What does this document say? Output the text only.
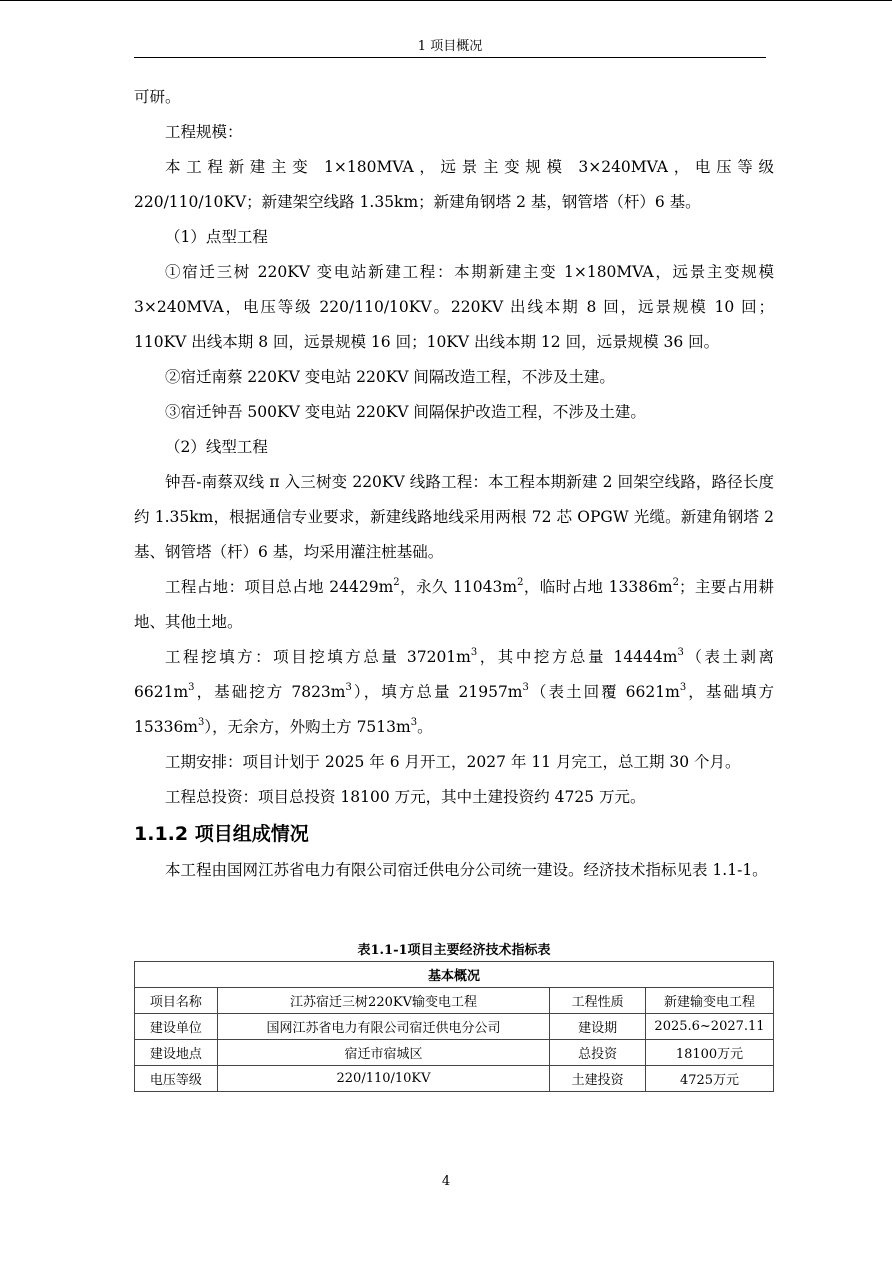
1 项目概况

可研。

工程规模：

本工程新建主变 1×180MVA，远景主变规模 3×240MVA，电压等级220/110/10KV；新建架空线路 1.35km；新建角钢塔 2 基，钢管塔（杆）6 基。

（1）点型工程

①宿迁三树 220KV 变电站新建工程：本期新建主变 1×180MVA，远景主变规模 3×240MVA，电压等级 220/110/10KV。220KV 出线本期 8 回，远景规模 10 回；110KV 出线本期 8 回，远景规模 16 回；10KV 出线本期 12 回，远景规模 36 回。

②宿迁南蔡 220KV 变电站 220KV 间隔改造工程，不涉及土建。

③宿迁钟吾 500KV 变电站 220KV 间隔保护改造工程，不涉及土建。

（2）线型工程

钟吾-南蔡双线 π 入三树变 220KV 线路工程：本工程本期新建 2 回架空线路，路径长度约 1.35km，根据通信专业要求，新建线路地线采用两根 72 芯 OPGW 光缆。新建角钢塔 2 基、钢管塔（杆）6 基，均采用灌注桩基础。

工程占地：项目总占地 $24429m^2$，永久 $11043m^2$，临时占地 $13386m^2$；主要占用耕地、其他土地。

工程挖填方：项目挖填方总量 $37201m^3$，其中挖方总量 $14444m^3$（表土剥离 $6621m^3$，基础挖方 $7823m^3$），填方总量 $21957m^3$（表土回覆 $6621m^3$，基础填方 $15336m^3$），无余方，外购土方 $7513m^3$。

工期安排：项目计划于 2025 年 6 月开工，2027 年 11 月完工，总工期 30 个月。

工程总投资：项目总投资 18100 万元，其中土建投资约 4725 万元。

1.1.2 项目组成情况

本工程由国网江苏省电力有限公司宿迁供电分公司统一建设。经济技术指标见表 1.1-1。

表1.1-1项目主要经济技术指标表
基本概况			
项目名称	江苏宿迁三树220KV输变电工程	工程性质	新建输变电工程
建设单位	国网江苏省电力有限公司宿迁供电分公司	建设期	2025.6~2027.11
建设地点	宿迁市宿城区	总投资	18100万元
电压等级	220/110/10KV	土建投资	4725万元
4
